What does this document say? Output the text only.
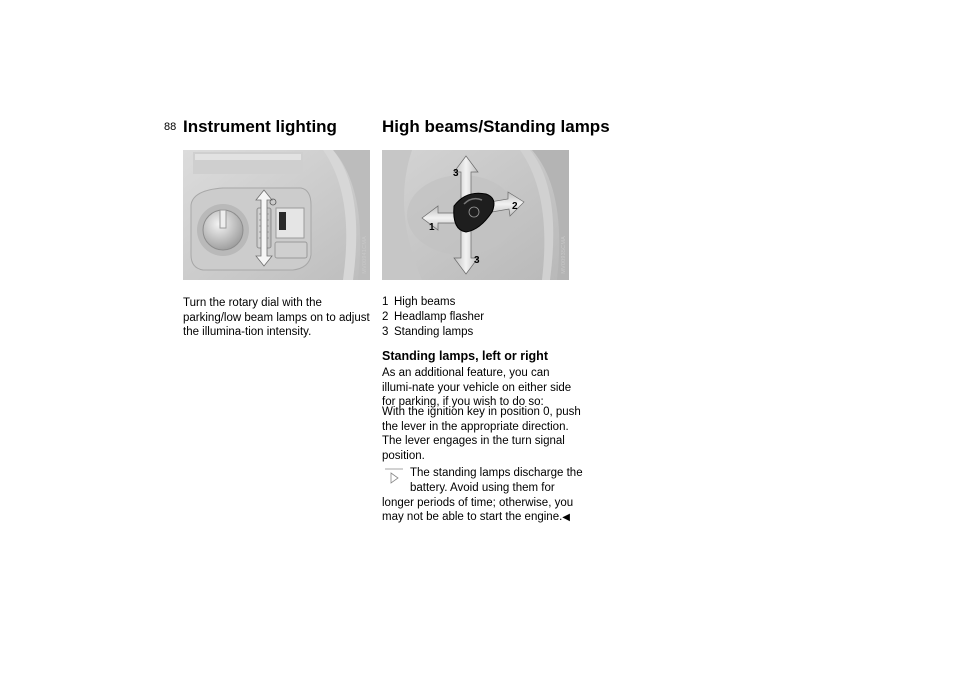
88 Instrument lighting	High beams/Standing lamps
MV00941CMA
1
2
3
3	MV00935CMA
Turn the rotary dial with the parking/low beam lamps on to adjust the illumina-tion intensity.
1 High beams
2 Headlamp flasher
3 Standing lamps
Standing lamps, left or right
As an additional feature, you can illumi-nate your vehicle on either side for parking, if you wish to do so:
With the ignition key in position 0, push the lever in the appropriate direction. The lever engages in the turn signal position.
The standing lamps discharge the
battery. Avoid using them for longer periods of time; otherwise, you may not be able to start the engine.◀
